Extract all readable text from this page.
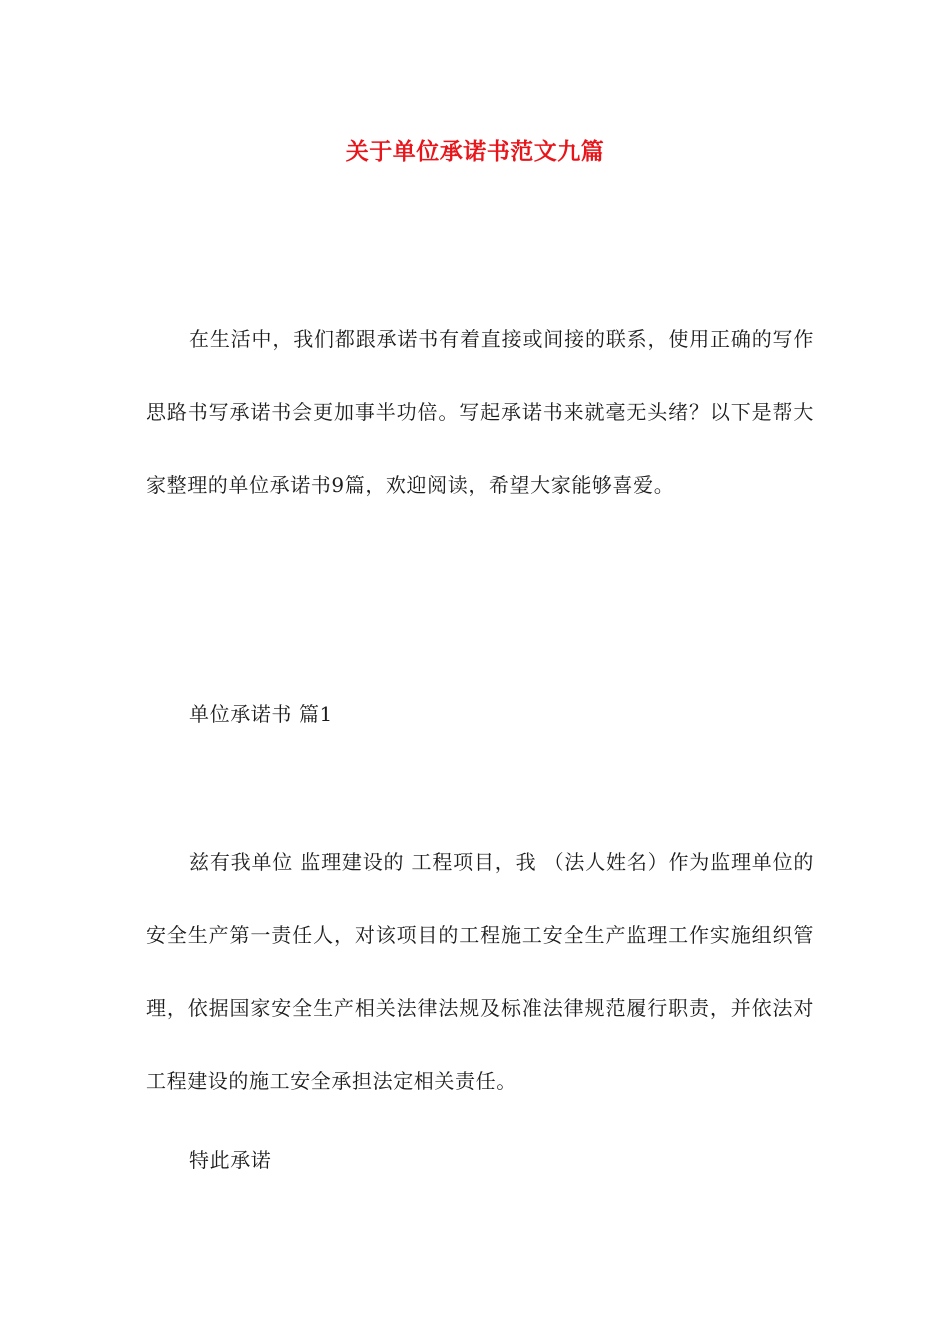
关于单位承诺书范文九篇
在生活中，我们都跟承诺书有着直接或间接的联系，使用正确的写作思路书写承诺书会更加事半功倍。写起承诺书来就毫无头绪？以下是帮大家整理的单位承诺书9篇，欢迎阅读，希望大家能够喜爱。
单位承诺书 篇1
兹有我单位 监理建设的 工程项目，我 （法人姓名）作为监理单位的安全生产第一责任人，对该项目的工程施工安全生产监理工作实施组织管理，依据国家安全生产相关法律法规及标准法律规范履行职责，并依法对工程建设的施工安全承担法定相关责任。
特此承诺
